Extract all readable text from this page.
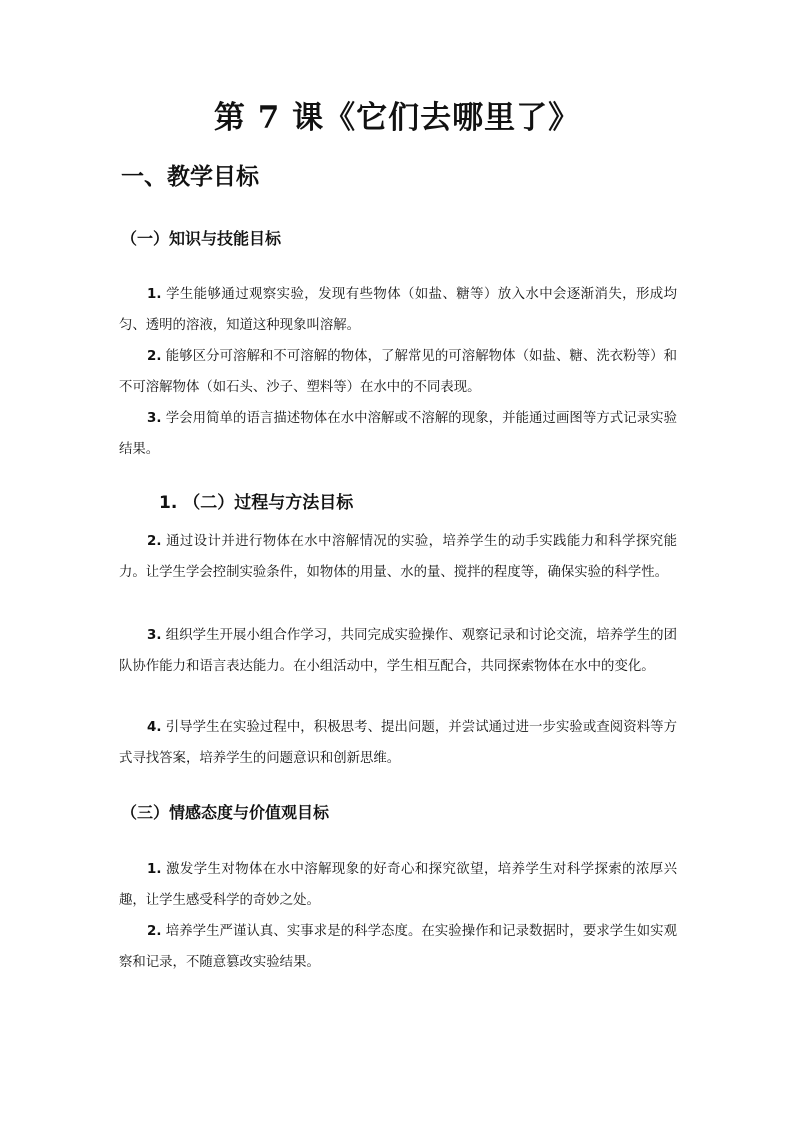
第 7 课《它们去哪里了》
一、教学目标
（一）知识与技能目标

1. 学生能够通过观察实验，发现有些物体（如盐、糖等）放入水中会逐渐消失，形成均匀、透明的溶液，知道这种现象叫溶解。

2. 能够区分可溶解和不可溶解的物体，了解常见的可溶解物体（如盐、糖、洗衣粉等）和不可溶解物体（如石头、沙子、塑料等）在水中的不同表现。

3. 学会用简单的语言描述物体在水中溶解或不溶解的现象，并能通过画图等方式记录实验结果。

1. （二）过程与方法目标

2. 通过设计并进行物体在水中溶解情况的实验，培养学生的动手实践能力和科学探究能力。让学生学会控制实验条件，如物体的用量、水的量、搅拌的程度等，确保实验的科学性。

3. 组织学生开展小组合作学习，共同完成实验操作、观察记录和讨论交流，培养学生的团队协作能力和语言表达能力。在小组活动中，学生相互配合，共同探索物体在水中的变化。

4. 引导学生在实验过程中，积极思考、提出问题，并尝试通过进一步实验或查阅资料等方式寻找答案，培养学生的问题意识和创新思维。

（三）情感态度与价值观目标

1. 激发学生对物体在水中溶解现象的好奇心和探究欲望，培养学生对科学探索的浓厚兴趣，让学生感受科学的奇妙之处。

2. 培养学生严谨认真、实事求是的科学态度。在实验操作和记录数据时，要求学生如实观察和记录，不随意篡改实验结果。
